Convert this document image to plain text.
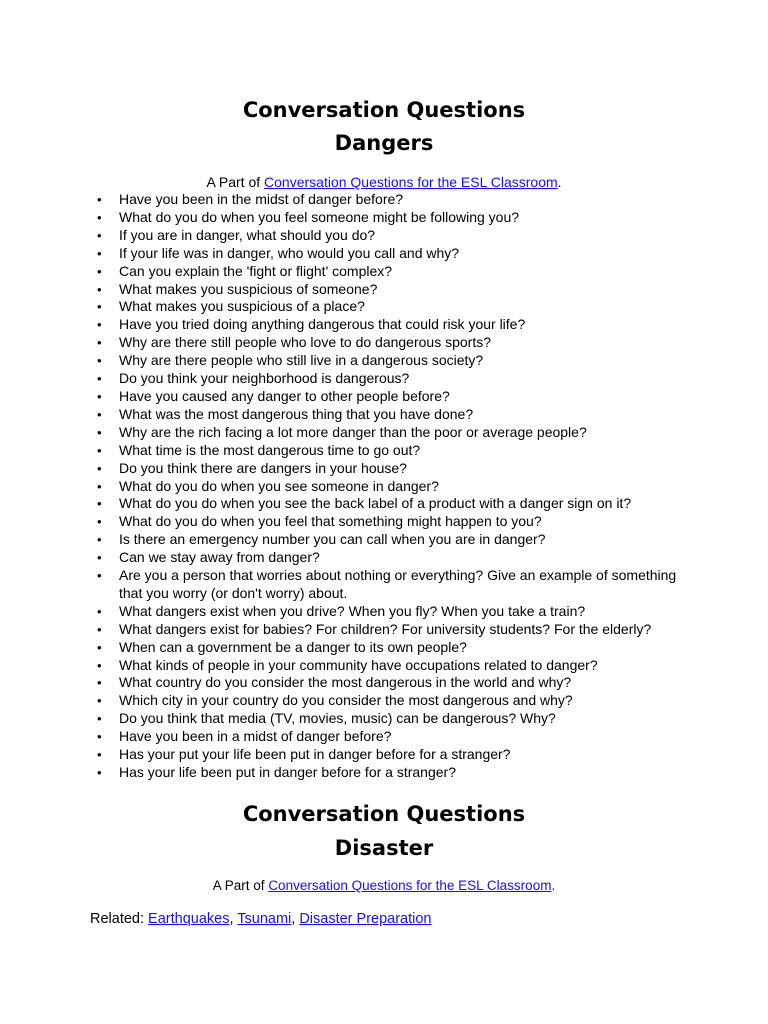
Conversation Questions
Dangers
A Part of Conversation Questions for the ESL Classroom.
• Have you been in the midst of danger before?
• What do you do when you feel someone might be following you?
• If you are in danger, what should you do?
• If your life was in danger, who would you call and why?
• Can you explain the 'fight or flight' complex?
• What makes you suspicious of someone?
• What makes you suspicious of a place?
• Have you tried doing anything dangerous that could risk your life?
• Why are there still people who love to do dangerous sports?
• Why are there people who still live in a dangerous society?
• Do you think your neighborhood is dangerous?
• Have you caused any danger to other people before?
• What was the most dangerous thing that you have done?
• Why are the rich facing a lot more danger than the poor or average people?
• What time is the most dangerous time to go out?
• Do you think there are dangers in your house?
• What do you do when you see someone in danger?
• What do you do when you see the back label of a product with a danger sign on it?
• What do you do when you feel that something might happen to you?
• Is there an emergency number you can call when you are in danger?
• Can we stay away from danger?
• Are you a person that worries about nothing or everything? Give an example of something that you worry (or don't worry) about.
• What dangers exist when you drive? When you fly? When you take a train?
• What dangers exist for babies? For children? For university students? For the elderly?
• When can a government be a danger to its own people?
• What kinds of people in your community have occupations related to danger?
• What country do you consider the most dangerous in the world and why?
• Which city in your country do you consider the most dangerous and why?
• Do you think that media (TV, movies, music) can be dangerous? Why?
• Have you been in a midst of danger before?
• Has your put your life been put in danger before for a stranger?
• Has your life been put in danger before for a stranger?
Conversation Questions
Disaster
A Part of Conversation Questions for the ESL Classroom.
Related: Earthquakes, Tsunami, Disaster Preparation
